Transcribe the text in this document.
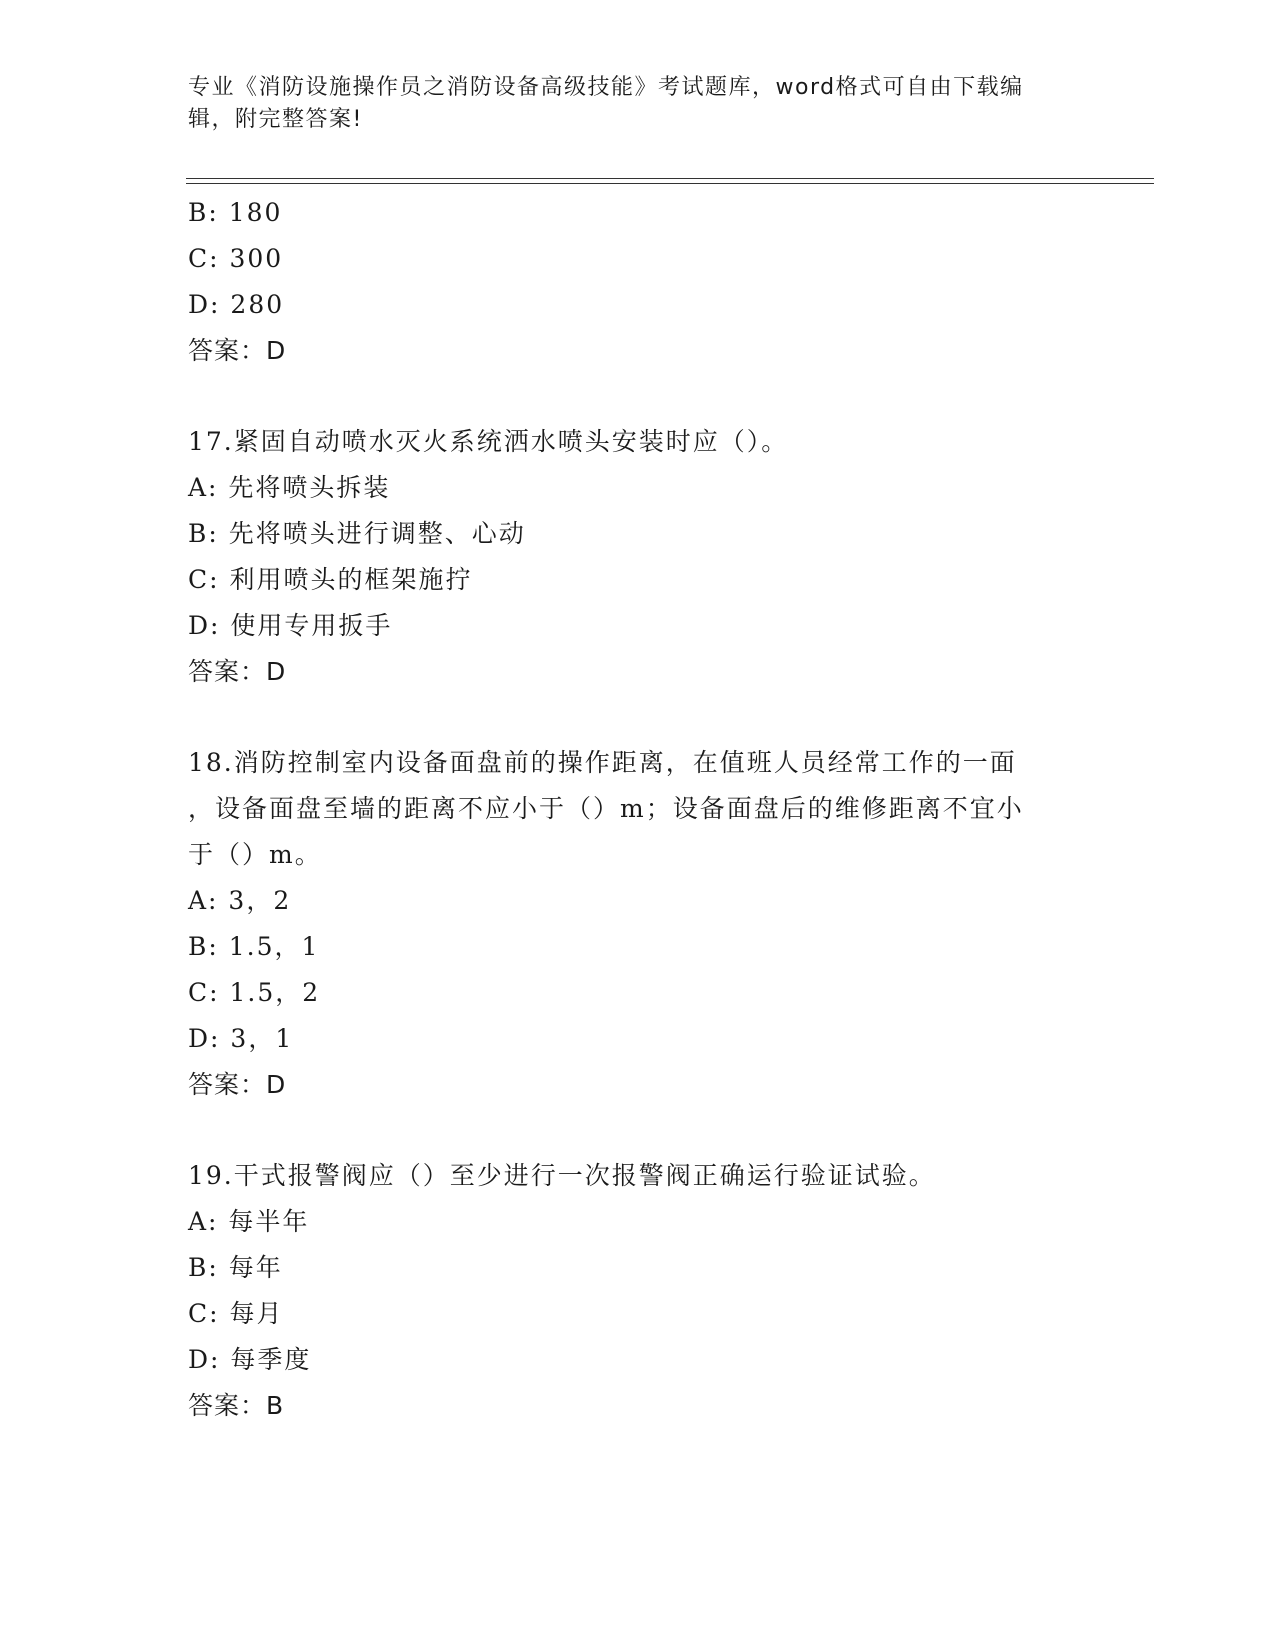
专业《消防设施操作员之消防设备高级技能》考试题库，word格式可自由下载编
辑，附完整答案!
B: 180
C: 300
D: 280
答案：D
17.紧固自动喷水灭火系统洒水喷头安装时应（）。
A: 先将喷头拆装
B: 先将喷头进行调整、心动
C: 利用喷头的框架施拧
D: 使用专用扳手
答案：D
18.消防控制室内设备面盘前的操作距离，在值班人员经常工作的一面
，设备面盘至墙的距离不应小于（）m；设备面盘后的维修距离不宜小
于（）m。
A: 3，2
B: 1.5，1
C: 1.5，2
D: 3，1
答案：D
19.干式报警阀应（）至少进行一次报警阀正确运行验证试验。
A: 每半年
B: 每年
C: 每月
D: 每季度
答案：B
